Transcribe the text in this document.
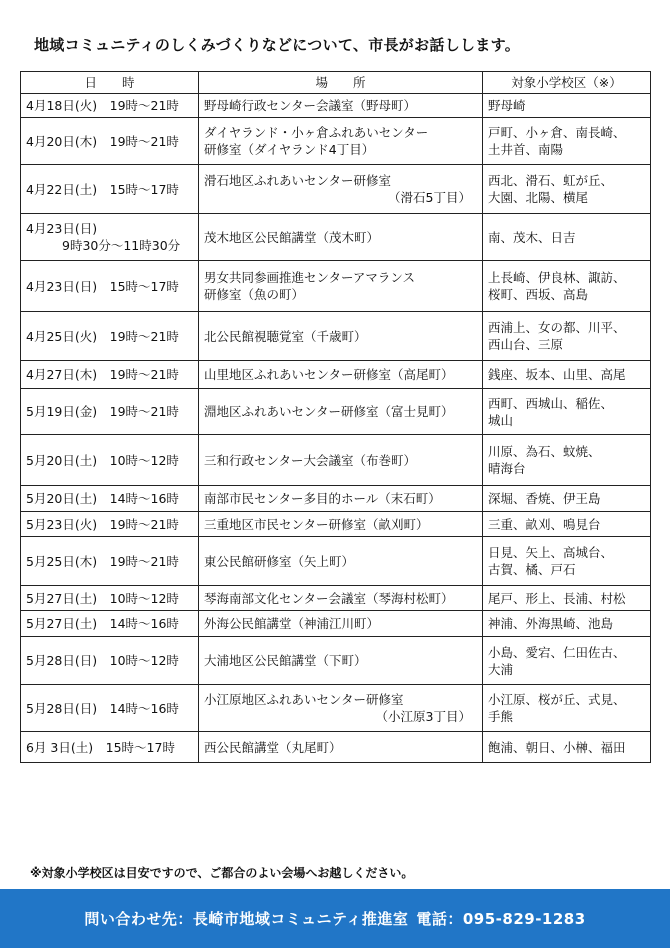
地域コミュニティのしくみづくりなどについて、市長がお話しします。
日　　時	場　　所	対象小学校区（※）
4月18日(火)　19時～21時	野母崎行政センター会議室（野母町）	野母崎
4月20日(木)　19時～21時	ダイヤランド・小ヶ倉ふれあいセンター
研修室（ダイヤランド4丁目）	戸町、小ヶ倉、南長崎、
土井首、南陽
4月22日(土)　15時～17時	滑石地区ふれあいセンター研修室
（滑石5丁目）	西北、滑石、虹が丘、
大園、北陽、横尾
4月23日(日)
9時30分～11時30分	茂木地区公民館講堂（茂木町）	南、茂木、日吉
4月23日(日)　15時～17時	男女共同参画推進センターアマランス
研修室（魚の町）	上長崎、伊良林、諏訪、
桜町、西坂、高島
4月25日(火)　19時～21時	北公民館視聴覚室（千歳町）	西浦上、女の都、川平、
西山台、三原
4月27日(木)　19時～21時	山里地区ふれあいセンター研修室（高尾町）	銭座、坂本、山里、高尾
5月19日(金)　19時～21時	淵地区ふれあいセンター研修室（富士見町）	西町、西城山、稲佐、
城山
5月20日(土)　10時～12時	三和行政センター大会議室（布巻町）	川原、為石、蚊焼、
晴海台
5月20日(土)　14時～16時	南部市民センター多目的ホール（末石町）	深堀、香焼、伊王島
5月23日(火)　19時～21時	三重地区市民センター研修室（畝刈町）	三重、畝刈、鳴見台
5月25日(木)　19時～21時	東公民館研修室（矢上町）	日見、矢上、高城台、
古賀、橘、戸石
5月27日(土)　10時～12時	琴海南部文化センター会議室（琴海村松町）	尾戸、形上、長浦、村松
5月27日(土)　14時～16時	外海公民館講堂（神浦江川町）	神浦、外海黒崎、池島
5月28日(日)　10時～12時	大浦地区公民館講堂（下町）	小島、愛宕、仁田佐古、
大浦
5月28日(日)　14時～16時	小江原地区ふれあいセンター研修室
（小江原3丁目）	小江原、桜が丘、式見、
手熊
6月 3日(土)　15時～17時	西公民館講堂（丸尾町）	飽浦、朝日、小榊、福田
※対象小学校区は目安ですので、ご都合のよい会場へお越しください。
問い合わせ先：長崎市地域コミュニティ推進室 電話： 095-829-1283
